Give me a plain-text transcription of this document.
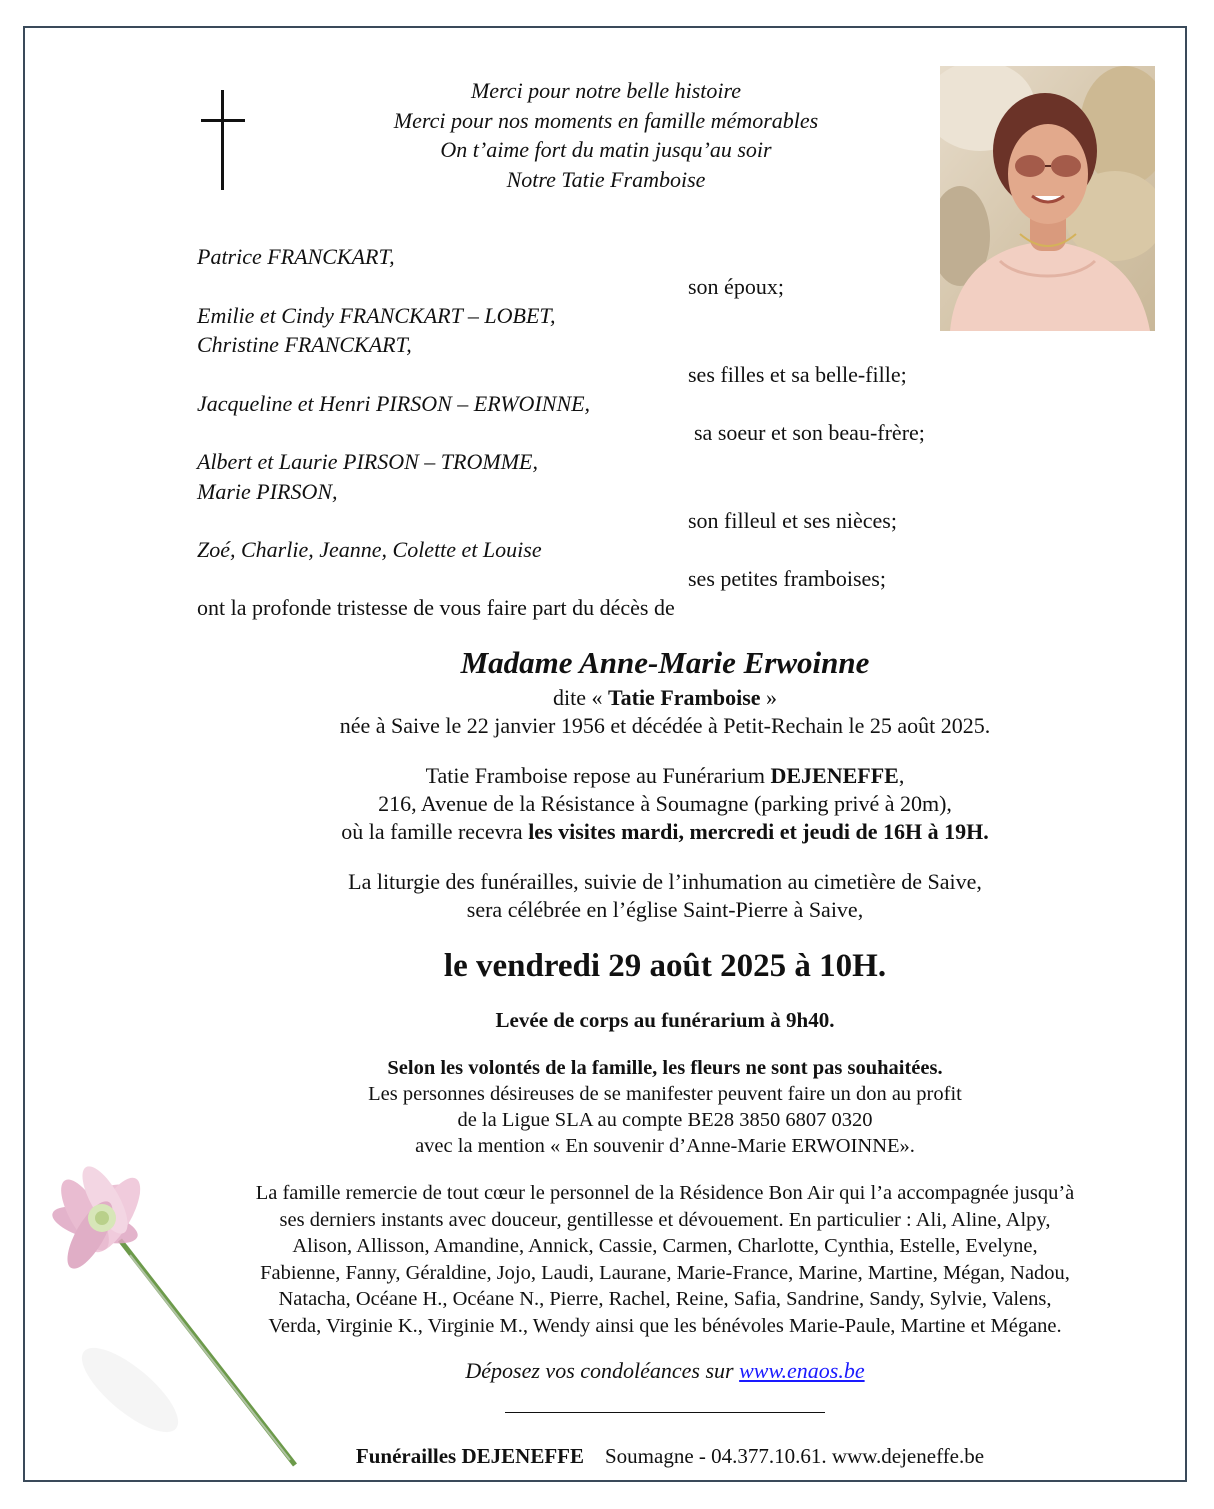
Merci pour notre belle histoire
Merci pour nos moments en famille mémorables
On t’aime fort du matin jusqu’au soir
Notre Tatie Framboise
Patrice FRANCKART,
son époux;
Emilie et Cindy FRANCKART – LOBET,
Christine FRANCKART,
ses filles et sa belle-fille;
Jacqueline et Henri PIRSON – ERWOINNE,
sa soeur et son beau-frère;
Albert et Laurie PIRSON – TROMME,
Marie PIRSON,
son filleul et ses nièces;
Zoé, Charlie, Jeanne, Colette et Louise
ses petites framboises;
ont la profonde tristesse de vous faire part du décès de
Madame Anne-Marie Erwoinne
dite « Tatie Framboise »
née à Saive le 22 janvier 1956 et décédée à Petit-Rechain le 25 août 2025.
Tatie Framboise repose au Funérarium DEJENEFFE,
216, Avenue de la Résistance à Soumagne (parking privé à 20m),
où la famille recevra les visites mardi, mercredi et jeudi de 16H à 19H.
La liturgie des funérailles, suivie de l’inhumation au cimetière de Saive,
sera célébrée en l’église Saint-Pierre à Saive,
le vendredi 29 août 2025 à 10H.
Levée de corps au funérarium à 9h40.
Selon les volontés de la famille, les fleurs ne sont pas souhaitées.
Les personnes désireuses de se manifester peuvent faire un don au profit
de la Ligue SLA au compte BE28 3850 6807 0320
avec la mention « En souvenir d’Anne-Marie ERWOINNE».
La famille remercie de tout cœur le personnel de la Résidence Bon Air qui l’a accompagnée jusqu’à
ses derniers instants avec douceur, gentillesse et dévouement. En particulier : Ali, Aline, Alpy,
Alison, Allisson, Amandine, Annick, Cassie, Carmen, Charlotte, Cynthia, Estelle, Evelyne,
Fabienne, Fanny, Géraldine, Jojo, Laudi, Laurane, Marie-France, Marine, Martine, Mégan, Nadou,
Natacha, Océane H., Océane N., Pierre, Rachel, Reine, Safia, Sandrine, Sandy, Sylvie, Valens,
Verda, Virginie K., Virginie M., Wendy ainsi que les bénévoles Marie-Paule, Martine et Mégane.
Déposez vos condoléances sur www.enaos.be
Funérailles DEJENEFFE Soumagne - 04.377.10.61. www.dejeneffe.be
